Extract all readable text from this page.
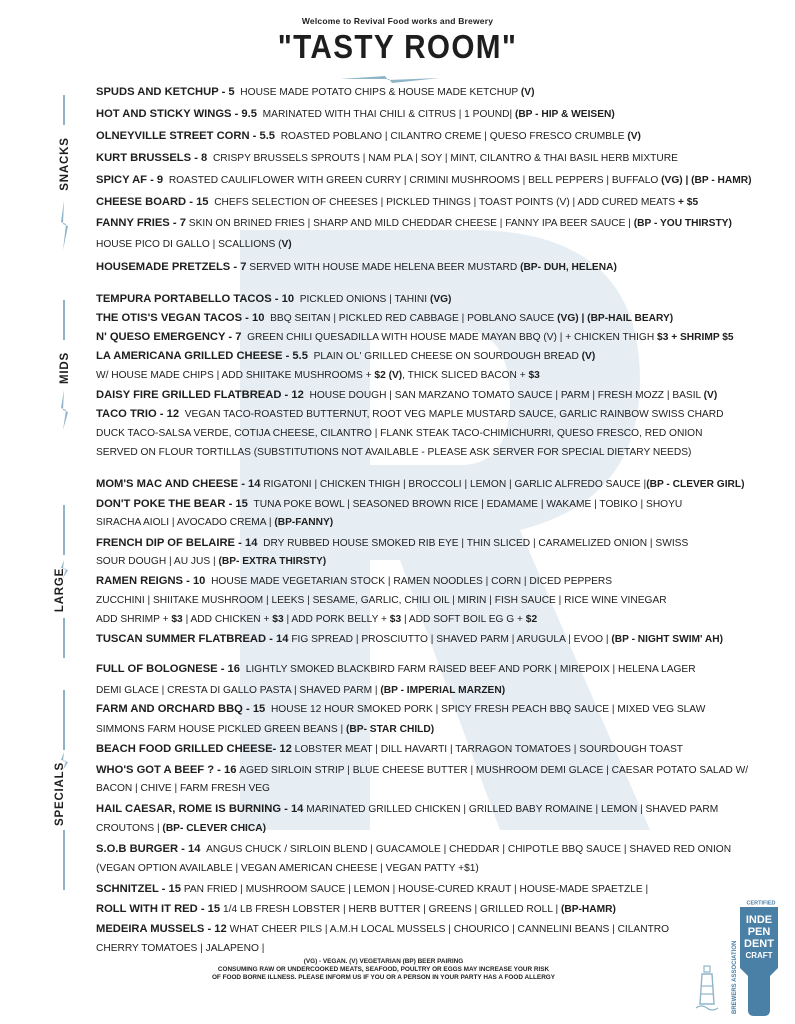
Welcome to Revival Food works and Brewery
"TASTY ROOM"
SNACKS
MIDS
LARGE
SPECIALS
SPUDS AND KETCHUP - 5 HOUSE MADE POTATO CHIPS & HOUSE MADE KETCHUP (V)
HOT AND STICKY WINGS - 9.5 MARINATED WITH THAI CHILI & CITRUS | 1 POUND| (BP - HIP & WEISEN)
OLNEYVILLE STREET CORN - 5.5 ROASTED POBLANO | CILANTRO CREME | QUESO FRESCO CRUMBLE (V)
KURT BRUSSELS - 8 CRISPY BRUSSELS SPROUTS | NAM PLA | SOY | MINT, CILANTRO & THAI BASIL HERB MIXTURE
SPICY AF - 9 ROASTED CAULIFLOWER WITH GREEN CURRY | CRIMINI MUSHROOMS | BELL PEPPERS | BUFFALO (VG) | (BP - HAMR)
CHEESE BOARD - 15 CHEFS SELECTION OF CHEESES | PICKLED THINGS | TOAST POINTS (V) | ADD CURED MEATS + $5
FANNY FRIES - 7 SKIN ON BRINED FRIES | SHARP AND MILD CHEDDAR CHEESE | FANNY IPA BEER SAUCE | (BP - YOU THIRSTY)
HOUSE PICO DI GALLO | SCALLIONS (V)
HOUSEMADE PRETZELS - 7 SERVED WITH HOUSE MADE HELENA BEER MUSTARD (BP- DUH, HELENA)
TEMPURA PORTABELLO TACOS - 10 PICKLED ONIONS | TAHINI (VG)
THE OTIS'S VEGAN TACOS - 10 BBQ SEITAN | PICKLED RED CABBAGE | POBLANO SAUCE (VG) | (BP-HAIL BEARY)
N' QUESO EMERGENCY - 7 GREEN CHILI QUESADILLA WITH HOUSE MADE MAYAN BBQ (V) | + CHICKEN THIGH $3 + SHRIMP $5
LA AMERICANA GRILLED CHEESE - 5.5 PLAIN OL' GRILLED CHEESE ON SOURDOUGH BREAD (V)
W/ HOUSE MADE CHIPS | ADD SHIITAKE MUSHROOMS + $2 (V), THICK SLICED BACON + $3
DAISY FIRE GRILLED FLATBREAD - 12 HOUSE DOUGH | SAN MARZANO TOMATO SAUCE | PARM | FRESH MOZZ | BASIL (V)
TACO TRIO - 12 VEGAN TACO-ROASTED BUTTERNUT, ROOT VEG MAPLE MUSTARD SAUCE, GARLIC RAINBOW SWISS CHARD
DUCK TACO-SALSA VERDE, COTIJA CHEESE, CILANTRO | FLANK STEAK TACO-CHIMICHURRI, QUESO FRESCO, RED ONION
SERVED ON FLOUR TORTILLAS (SUBSTITUTIONS NOT AVAILABLE - PLEASE ASK SERVER FOR SPECIAL DIETARY NEEDS)
MOM'S MAC AND CHEESE - 14 RIGATONI | CHICKEN THIGH | BROCCOLI | LEMON | GARLIC ALFREDO SAUCE |(BP - CLEVER GIRL)
DON'T POKE THE BEAR - 15 TUNA POKE BOWL | SEASONED BROWN RICE | EDAMAME | WAKAME | TOBIKO | SHOYU
SIRACHA AIOLI | AVOCADO CREMA | (BP-FANNY)
FRENCH DIP OF BELAIRE - 14 DRY RUBBED HOUSE SMOKED RIB EYE | THIN SLICED | CARAMELIZED ONION | SWISS
SOUR DOUGH | AU JUS | (BP- EXTRA THIRSTY)
RAMEN REIGNS - 10 HOUSE MADE VEGETARIAN STOCK | RAMEN NOODLES | CORN | DICED PEPPERS
ZUCCHINI | SHIITAKE MUSHROOM | LEEKS | SESAME, GARLIC, CHILI OIL | MIRIN | FISH SAUCE | RICE WINE VINEGAR
ADD SHRIMP + $3 | ADD CHICKEN + $3 | ADD PORK BELLY + $3 | ADD SOFT BOIL EG G + $2
TUSCAN SUMMER FLATBREAD - 14 FIG SPREAD | PROSCIUTTO | SHAVED PARM | ARUGULA | EVOO | (BP - NIGHT SWIM' AH)
FULL OF BOLOGNESE - 16 LIGHTLY SMOKED BLACKBIRD FARM RAISED BEEF AND PORK | MIREPOIX | HELENA LAGER
DEMI GLACE | CRESTA DI GALLO PASTA | SHAVED PARM | (BP - IMPERIAL MARZEN)
FARM AND ORCHARD BBQ - 15 HOUSE 12 HOUR SMOKED PORK | SPICY FRESH PEACH BBQ SAUCE | MIXED VEG SLAW
SIMMONS FARM HOUSE PICKLED GREEN BEANS | (BP- STAR CHILD)
BEACH FOOD GRILLED CHEESE- 12 LOBSTER MEAT | DILL HAVARTI | TARRAGON TOMATOES | SOURDOUGH TOAST
WHO'S GOT A BEEF ? - 16 AGED SIRLOIN STRIP | BLUE CHEESE BUTTER | MUSHROOM DEMI GLACE | CAESAR POTATO SALAD W/
BACON | CHIVE | FARM FRESH VEG
HAIL CAESAR, ROME IS BURNING - 14 MARINATED GRILLED CHICKEN | GRILLED BABY ROMAINE | LEMON | SHAVED PARM
CROUTONS | (BP- CLEVER CHICA)
S.O.B BURGER - 14 ANGUS CHUCK / SIRLOIN BLEND | GUACAMOLE | CHEDDAR | CHIPOTLE BBQ SAUCE | SHAVED RED ONION
(VEGAN OPTION AVAILABLE | VEGAN AMERICAN CHEESE | VEGAN PATTY +$1)
SCHNITZEL - 15 PAN FRIED | MUSHROOM SAUCE | LEMON | HOUSE-CURED KRAUT | HOUSE-MADE SPAETZLE |
ROLL WITH IT RED - 15 1/4 LB FRESH LOBSTER | HERB BUTTER | GREENS | GRILLED ROLL | (BP-HAMR)
MEDEIRA MUSSELS - 12 WHAT CHEER PILS | A.M.H LOCAL MUSSELS | CHOURICO | CANNELINI BEANS | CILANTRO
CHERRY TOMATOES | JALAPENO |
(VG) - VEGAN. (V) VEGETARIAN (BP) BEER PAIRING
CONSUMING RAW OR UNDERCOOKED MEATS, SEAFOOD, POULTRY OR EGGS MAY INCREASE YOUR RISK
OF FOOD BORNE ILLNESS. PLEASE INFORM US IF YOU OR A PERSON IN YOUR PARTY HAS A FOOD ALLERGY
CERTIFIED
INDE
PEN
DENT
CRAFT
BREWERS ASSOCIATION
